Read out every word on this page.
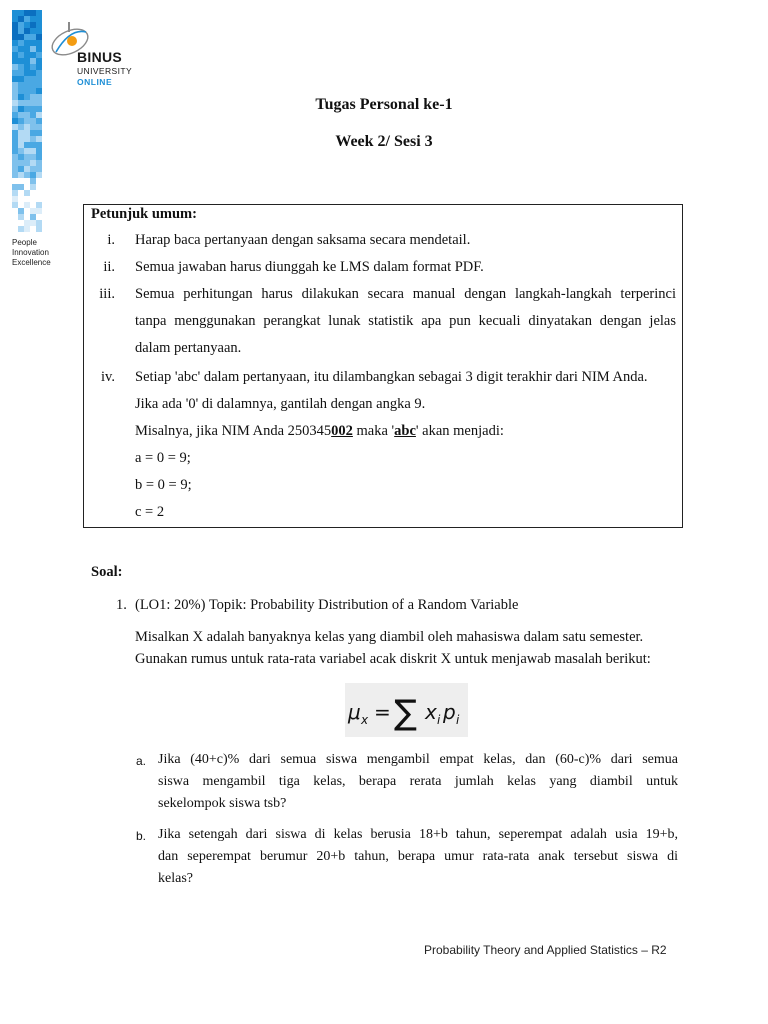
BINUS
UNIVERSITY
ONLINE
People
Innovation
Excellence
Tugas Personal ke-1
Week 2/ Sesi 3
Petunjuk umum:
i. Harap baca pertanyaan dengan saksama secara mendetail.
ii. Semua jawaban harus diunggah ke LMS dalam format PDF.
iii. Semua perhitungan harus dilakukan secara manual dengan langkah-langkah terperinci
tanpa menggunakan perangkat lunak statistik apa pun kecuali dinyatakan dengan jelas
dalam pertanyaan.
iv. Setiap 'abc' dalam pertanyaan, itu dilambangkan sebagai 3 digit terakhir dari NIM Anda.
Jika ada '0' di dalamnya, gantilah dengan angka 9.
Misalnya, jika NIM Anda 250345002 maka 'abc' akan menjadi:
a = 0 = 9;
b = 0 = 9;
c = 2
Soal:
1. (LO1: 20%) Topik: Probability Distribution of a Random Variable
Misalkan X adalah banyaknya kelas yang diambil oleh mahasiswa dalam satu semester.
Gunakan rumus untuk rata-rata variabel acak diskrit X untuk menjawab masalah berikut:
μ x = ∑ x i p i
a. Jika (40+c)% dari semua siswa mengambil empat kelas, dan (60-c)% dari semua
siswa mengambil tiga kelas, berapa rerata jumlah kelas yang diambil untuk
sekelompok siswa tsb?
b. Jika setengah dari siswa di kelas berusia 18+b tahun, seperempat adalah usia 19+b,
dan seperempat berumur 20+b tahun, berapa umur rata-rata anak tersebut siswa di
kelas?
Probability Theory and Applied Statistics – R2
